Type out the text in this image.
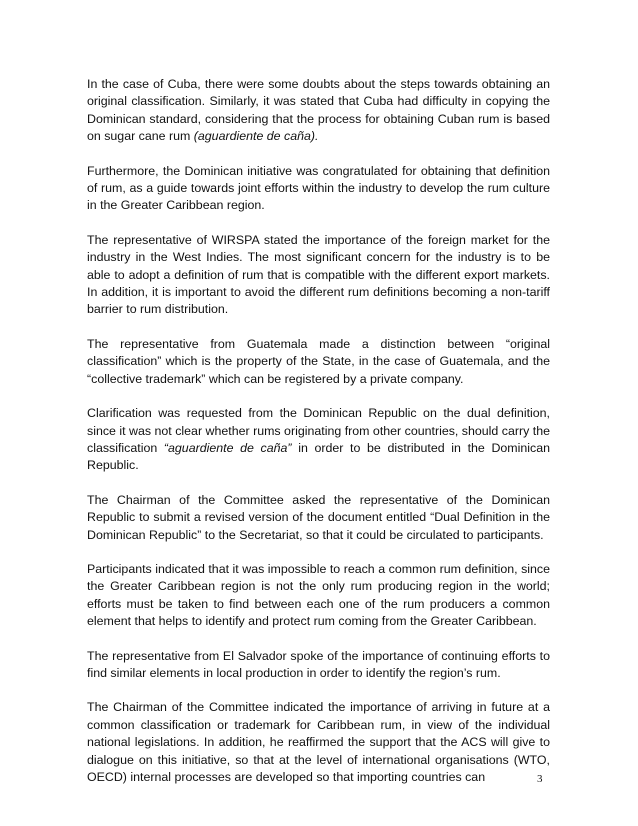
In the case of Cuba, there were some doubts about the steps towards obtaining an original classification. Similarly, it was stated that Cuba had difficulty in copying the Dominican standard, considering that the process for obtaining Cuban rum is based on sugar cane rum (aguardiente de caña).

Furthermore, the Dominican initiative was congratulated for obtaining that definition of rum, as a guide towards joint efforts within the industry to develop the rum culture in the Greater Caribbean region.

The representative of WIRSPA stated the importance of the foreign market for the industry in the West Indies. The most significant concern for the industry is to be able to adopt a definition of rum that is compatible with the different export markets. In addition, it is important to avoid the different rum definitions becoming a non-tariff barrier to rum distribution.

The representative from Guatemala made a distinction between “original classification” which is the property of the State, in the case of Guatemala, and the “collective trademark” which can be registered by a private company.

Clarification was requested from the Dominican Republic on the dual definition, since it was not clear whether rums originating from other countries, should carry the classification “aguardiente de caña” in order to be distributed in the Dominican Republic.

The Chairman of the Committee asked the representative of the Dominican Republic to submit a revised version of the document entitled “Dual Definition in the Dominican Republic” to the Secretariat, so that it could be circulated to participants.

Participants indicated that it was impossible to reach a common rum definition, since the Greater Caribbean region is not the only rum producing region in the world; efforts must be taken to find between each one of the rum producers a common element that helps to identify and protect rum coming from the Greater Caribbean.

The representative from El Salvador spoke of the importance of continuing efforts to find similar elements in local production in order to identify the region’s rum.

The Chairman of the Committee indicated the importance of arriving in future at a common classification or trademark for Caribbean rum, in view of the individual national legislations. In addition, he reaffirmed the support that the ACS will give to dialogue on this initiative, so that at the level of international organisations (WTO, OECD) internal processes are developed so that importing countries can	3
